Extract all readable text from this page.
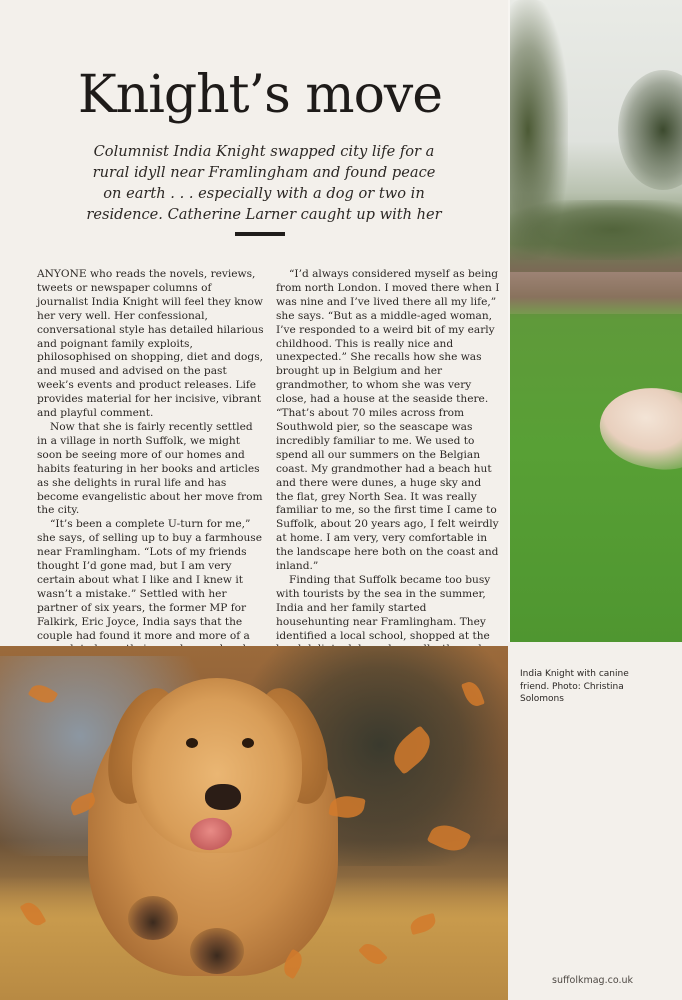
Knight’s move

Columnist India Knight swapped city life for a rural idyll near Framlingham and found peace on earth . . . especially with a dog or two in residence. Catherine Larner caught up with her

ANYONE who reads the novels, reviews, tweets or newspaper columns of journalist India Knight will feel they know her very well. Her confessional, conversational style has detailed hilarious and poignant family exploits, philosophised on shopping, diet and dogs, and mused and advised on the past week’s events and product releases. Life provides material for her incisive, vibrant and playful comment.

Now that she is fairly recently settled in a village in north Suffolk, we might soon be seeing more of our homes and habits featuring in her books and articles as she delights in rural life and has become evangelistic about her move from the city.

“It’s been a complete U-turn for me,” she says, of selling up to buy a farmhouse near Framlingham. “Lots of my friends thought I’d gone mad, but I am very certain about what I like and I knew it wasn’t a mistake.” Settled with her partner of six years, the former MP for Falkirk, Eric Joyce, India says that the couple had found it more and more of a

“I’d always considered myself as being from north London. I moved there when I was nine and I’ve lived there all my life,” she says. “But as a middle-aged woman, I’ve responded to a weird bit of my early childhood. This is really nice and unexpected.” She recalls how she was brought up in Belgium and her grandmother, to whom she was very close, had a house at the seaside there. “That’s about 70 miles across from Southwold pier, so the seascape was incredibly familiar to me. We used to spend all our summers on the Belgian coast. My grandmother had a beach hut and there were dunes, a huge sky and the flat, grey North Sea. It was really familiar to me, so the first time I came to Suffolk, about 20 years ago, I felt weirdly at home. I am very, very comfortable in the landscape here both on the coast and inland.”

Finding that Suffolk became too busy with tourists by the sea in the summer, India and her family started househunting near Framlingham. They identified a local school, shopped at the

India Knight with canine friend. Photo: Christina Solomons

suffolkmag.co.uk
